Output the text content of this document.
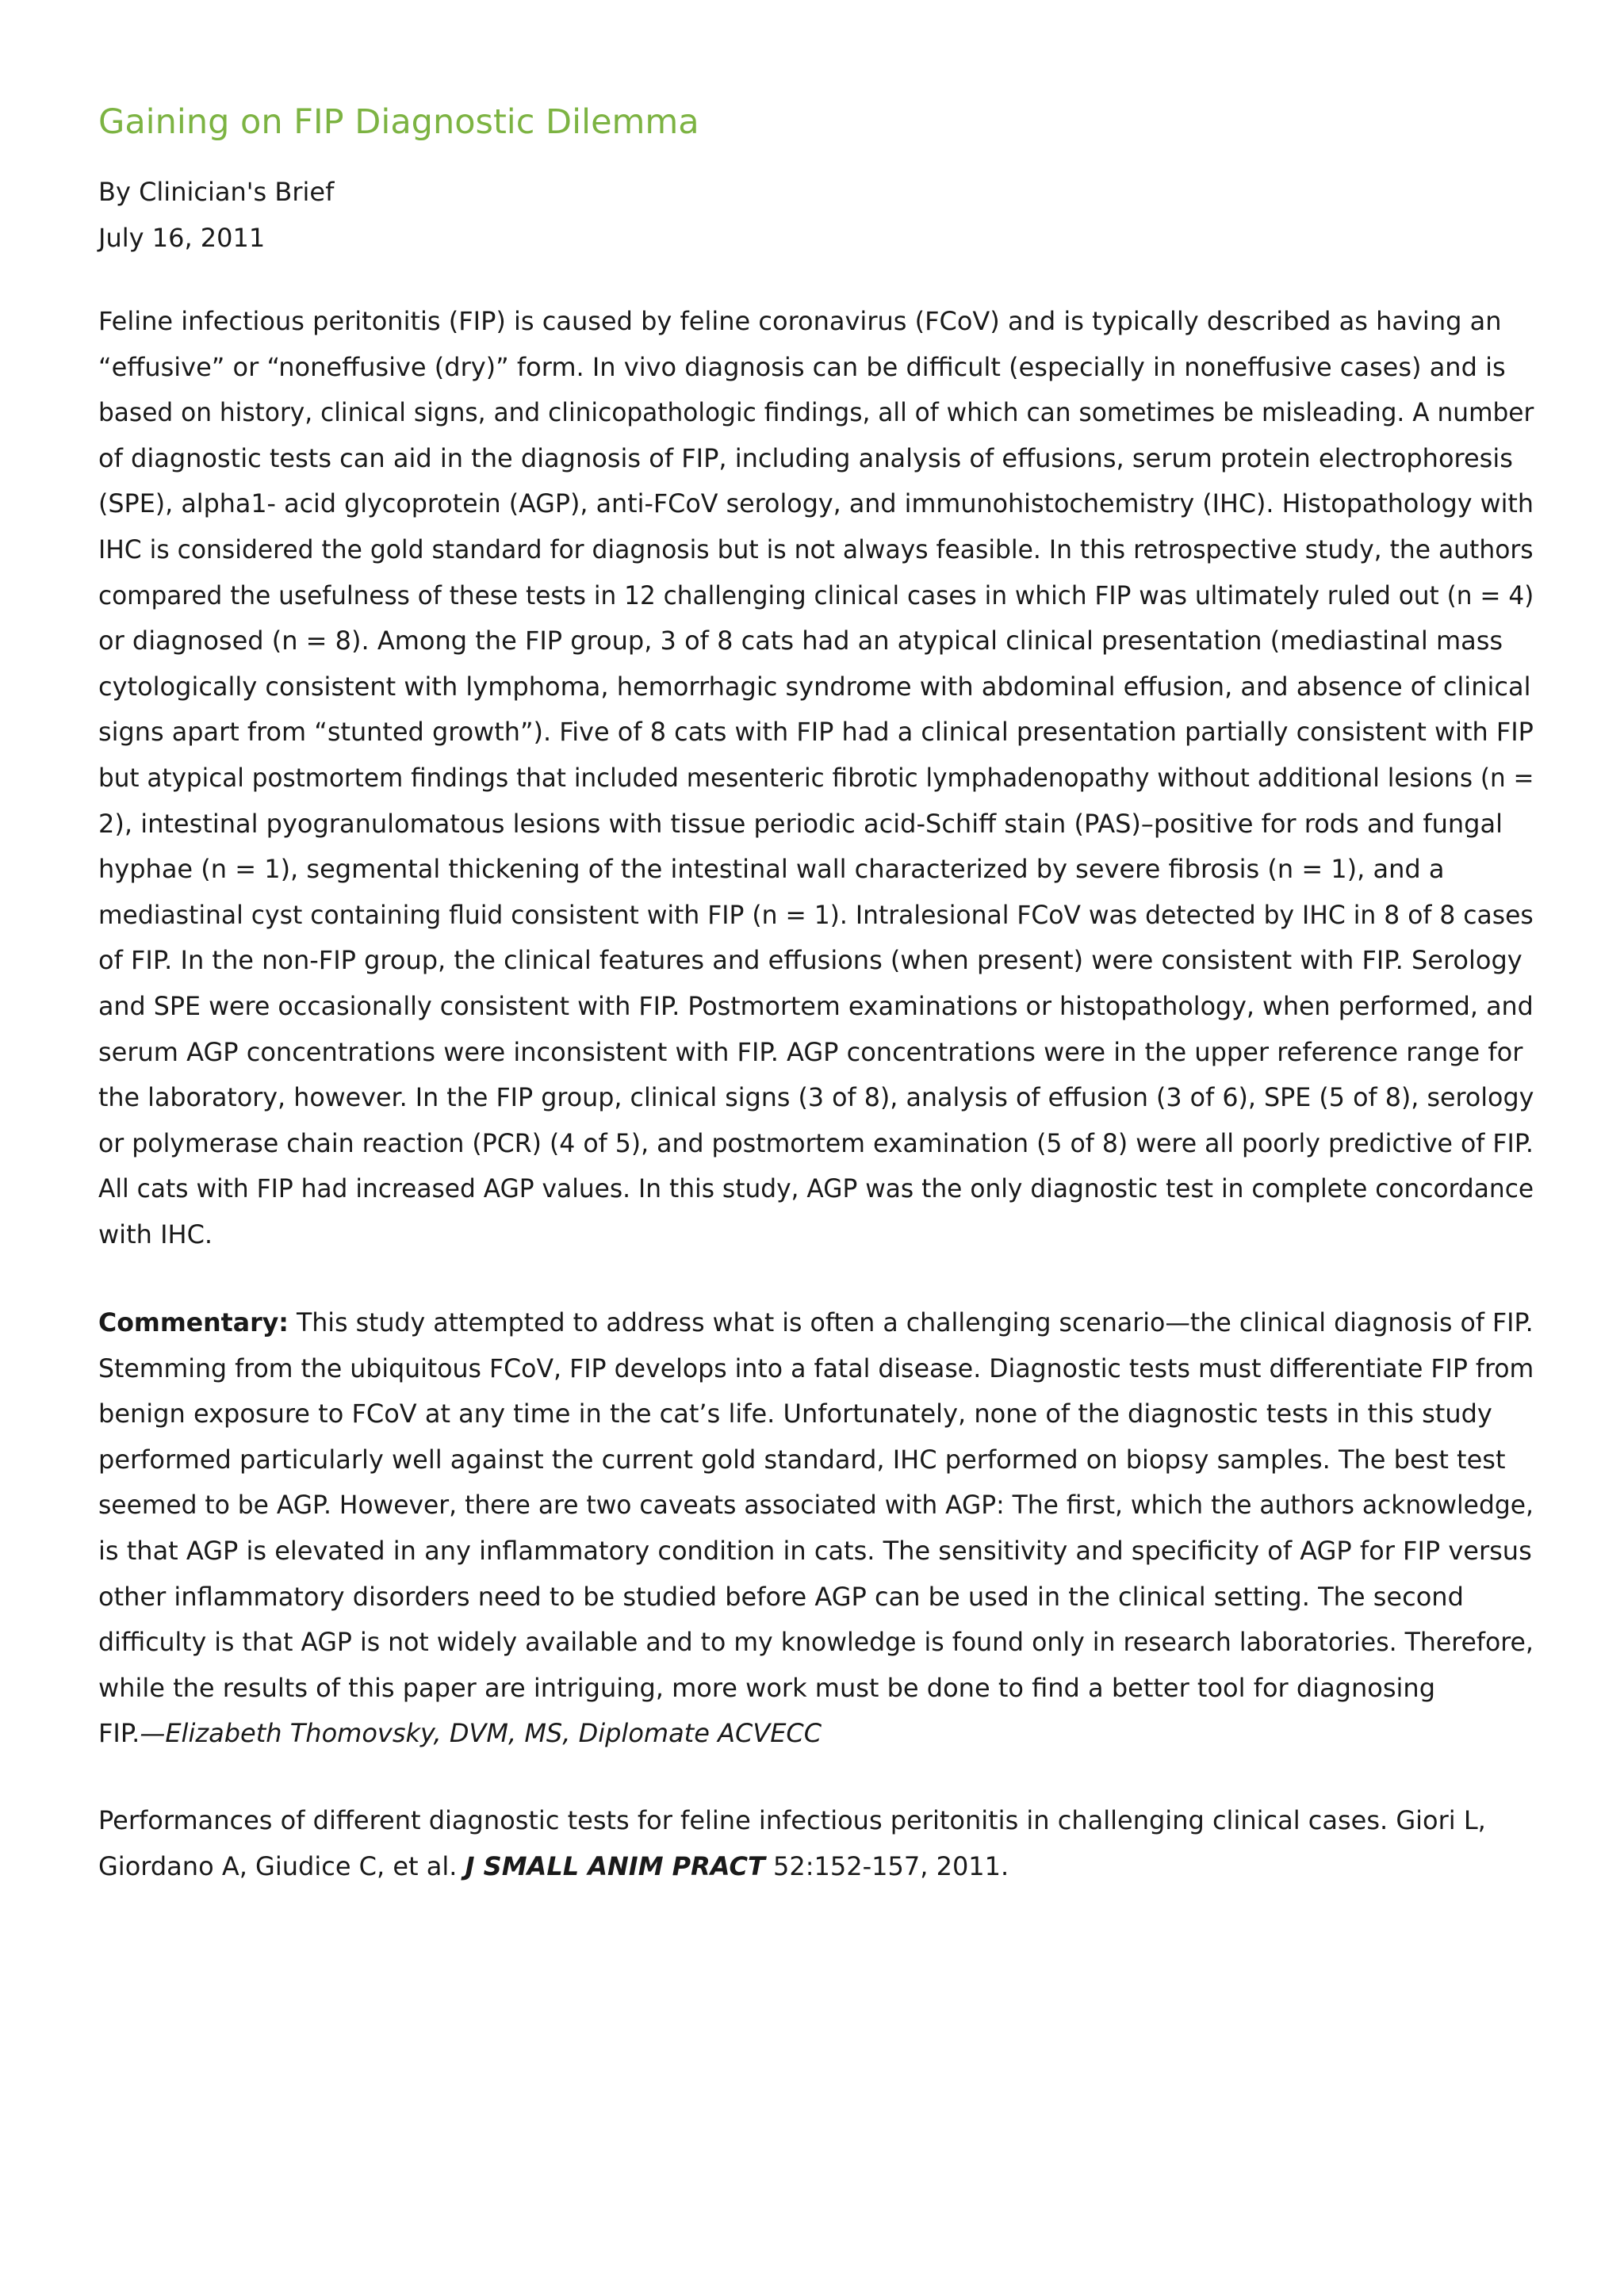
Gaining on FIP Diagnostic Dilemma
By Clinician's Brief
July 16, 2011

Feline infectious peritonitis (FIP) is caused by feline coronavirus (FCoV) and is typically described as having an
“effusive” or “noneffusive (dry)” form. In vivo diagnosis can be difficult (especially in noneffusive cases) and is
based on history, clinical signs, and clinicopathologic findings, all of which can sometimes be misleading. A number
of diagnostic tests can aid in the diagnosis of FIP, including analysis of effusions, serum protein electrophoresis
(SPE), alpha1- acid glycoprotein (AGP), anti-FCoV serology, and immunohistochemistry (IHC). Histopathology with
IHC is considered the gold standard for diagnosis but is not always feasible. In this retrospective study, the authors
compared the usefulness of these tests in 12 challenging clinical cases in which FIP was ultimately ruled out (n = 4)
or diagnosed (n = 8). Among the FIP group, 3 of 8 cats had an atypical clinical presentation (mediastinal mass
cytologically consistent with lymphoma, hemorrhagic syndrome with abdominal effusion, and absence of clinical
signs apart from “stunted growth”). Five of 8 cats with FIP had a clinical presentation partially consistent with FIP
but atypical postmortem findings that included mesenteric fibrotic lymphadenopathy without additional lesions (n =
2), intestinal pyogranulomatous lesions with tissue periodic acid-Schiff stain (PAS)–positive for rods and fungal
hyphae (n = 1), segmental thickening of the intestinal wall characterized by severe fibrosis (n = 1), and a
mediastinal cyst containing fluid consistent with FIP (n = 1). Intralesional FCoV was detected by IHC in 8 of 8 cases
of FIP. In the non-FIP group, the clinical features and effusions (when present) were consistent with FIP. Serology
and SPE were occasionally consistent with FIP. Postmortem examinations or histopathology, when performed, and
serum AGP concentrations were inconsistent with FIP. AGP concentrations were in the upper reference range for
the laboratory, however. In the FIP group, clinical signs (3 of 8), analysis of effusion (3 of 6), SPE (5 of 8), serology
or polymerase chain reaction (PCR) (4 of 5), and postmortem examination (5 of 8) were all poorly predictive of FIP.
All cats with FIP had increased AGP values. In this study, AGP was the only diagnostic test in complete concordance
with IHC.

Commentary: This study attempted to address what is often a challenging scenario—the clinical diagnosis of FIP.
Stemming from the ubiquitous FCoV, FIP develops into a fatal disease. Diagnostic tests must differentiate FIP from
benign exposure to FCoV at any time in the cat’s life. Unfortunately, none of the diagnostic tests in this study
performed particularly well against the current gold standard, IHC performed on biopsy samples. The best test
seemed to be AGP. However, there are two caveats associated with AGP: The first, which the authors acknowledge,
is that AGP is elevated in any inflammatory condition in cats. The sensitivity and specificity of AGP for FIP versus
other inflammatory disorders need to be studied before AGP can be used in the clinical setting. The second
difficulty is that AGP is not widely available and to my knowledge is found only in research laboratories. Therefore,
while the results of this paper are intriguing, more work must be done to find a better tool for diagnosing
FIP.—Elizabeth Thomovsky, DVM, MS, Diplomate ACVECC

Performances of different diagnostic tests for feline infectious peritonitis in challenging clinical cases. Giori L,
Giordano A, Giudice C, et al. J SMALL ANIM PRACT 52:152-157, 2011.
